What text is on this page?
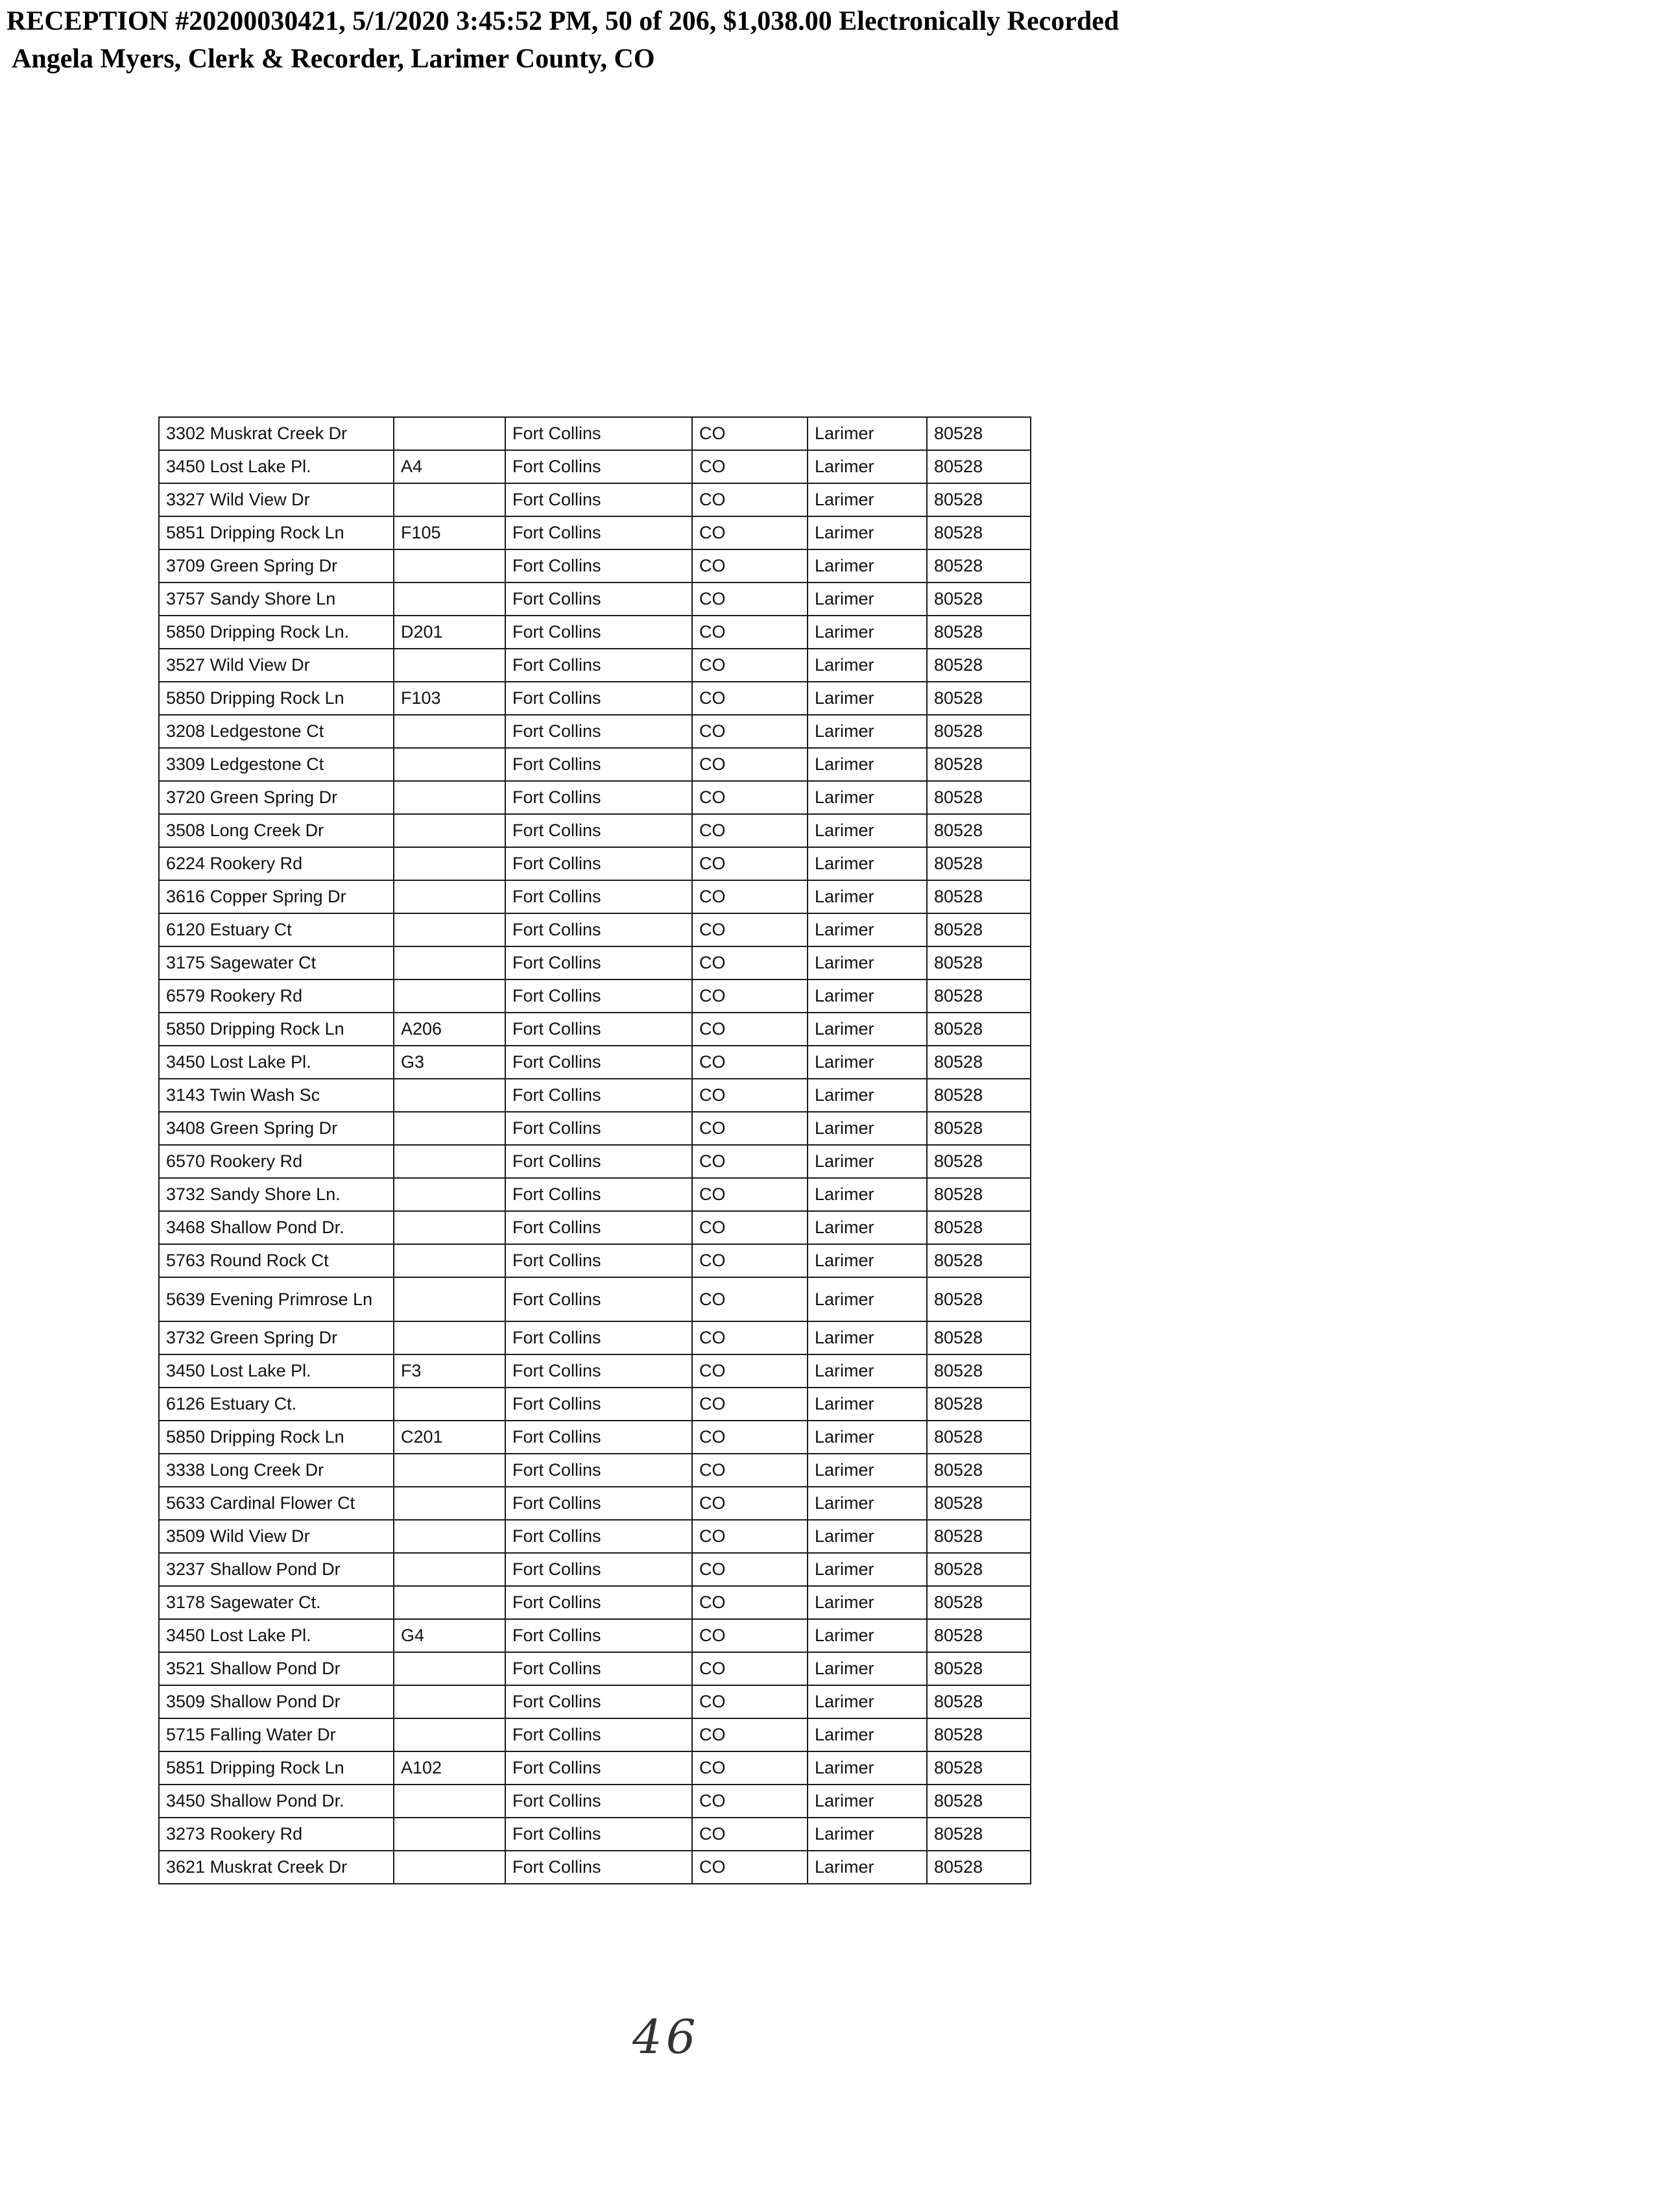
RECEPTION #20200030421, 5/1/2020 3:45:52 PM, 50 of 206, $1,038.00 Electronically Recorded
Angela Myers, Clerk & Recorder, Larimer County, CO
3302 Muskrat Creek Dr		Fort Collins	CO	Larimer	80528
3450 Lost Lake Pl.	A4	Fort Collins	CO	Larimer	80528
3327 Wild View Dr		Fort Collins	CO	Larimer	80528
5851 Dripping Rock Ln	F105	Fort Collins	CO	Larimer	80528
3709 Green Spring Dr		Fort Collins	CO	Larimer	80528
3757 Sandy Shore Ln		Fort Collins	CO	Larimer	80528
5850 Dripping Rock Ln.	D201	Fort Collins	CO	Larimer	80528
3527 Wild View Dr		Fort Collins	CO	Larimer	80528
5850 Dripping Rock Ln	F103	Fort Collins	CO	Larimer	80528
3208 Ledgestone Ct		Fort Collins	CO	Larimer	80528
3309 Ledgestone Ct		Fort Collins	CO	Larimer	80528
3720 Green Spring Dr		Fort Collins	CO	Larimer	80528
3508 Long Creek Dr		Fort Collins	CO	Larimer	80528
6224 Rookery Rd		Fort Collins	CO	Larimer	80528
3616 Copper Spring Dr		Fort Collins	CO	Larimer	80528
6120 Estuary Ct		Fort Collins	CO	Larimer	80528
3175 Sagewater Ct		Fort Collins	CO	Larimer	80528
6579 Rookery Rd		Fort Collins	CO	Larimer	80528
5850 Dripping Rock Ln	A206	Fort Collins	CO	Larimer	80528
3450 Lost Lake Pl.	G3	Fort Collins	CO	Larimer	80528
3143 Twin Wash Sc		Fort Collins	CO	Larimer	80528
3408 Green Spring Dr		Fort Collins	CO	Larimer	80528
6570 Rookery Rd		Fort Collins	CO	Larimer	80528
3732 Sandy Shore Ln.		Fort Collins	CO	Larimer	80528
3468 Shallow Pond Dr.		Fort Collins	CO	Larimer	80528
5763 Round Rock Ct		Fort Collins	CO	Larimer	80528
5639 Evening Primrose Ln		Fort Collins	CO	Larimer	80528
3732 Green Spring Dr		Fort Collins	CO	Larimer	80528
3450 Lost Lake Pl.	F3	Fort Collins	CO	Larimer	80528
6126 Estuary Ct.		Fort Collins	CO	Larimer	80528
5850 Dripping Rock Ln	C201	Fort Collins	CO	Larimer	80528
3338 Long Creek Dr		Fort Collins	CO	Larimer	80528
5633 Cardinal Flower Ct		Fort Collins	CO	Larimer	80528
3509 Wild View Dr		Fort Collins	CO	Larimer	80528
3237 Shallow Pond Dr		Fort Collins	CO	Larimer	80528
3178 Sagewater Ct.		Fort Collins	CO	Larimer	80528
3450 Lost Lake Pl.	G4	Fort Collins	CO	Larimer	80528
3521 Shallow Pond Dr		Fort Collins	CO	Larimer	80528
3509 Shallow Pond Dr		Fort Collins	CO	Larimer	80528
5715 Falling Water Dr		Fort Collins	CO	Larimer	80528
5851 Dripping Rock Ln	A102	Fort Collins	CO	Larimer	80528
3450 Shallow Pond Dr.		Fort Collins	CO	Larimer	80528
3273 Rookery Rd		Fort Collins	CO	Larimer	80528
3621 Muskrat Creek Dr		Fort Collins	CO	Larimer	80528
46
